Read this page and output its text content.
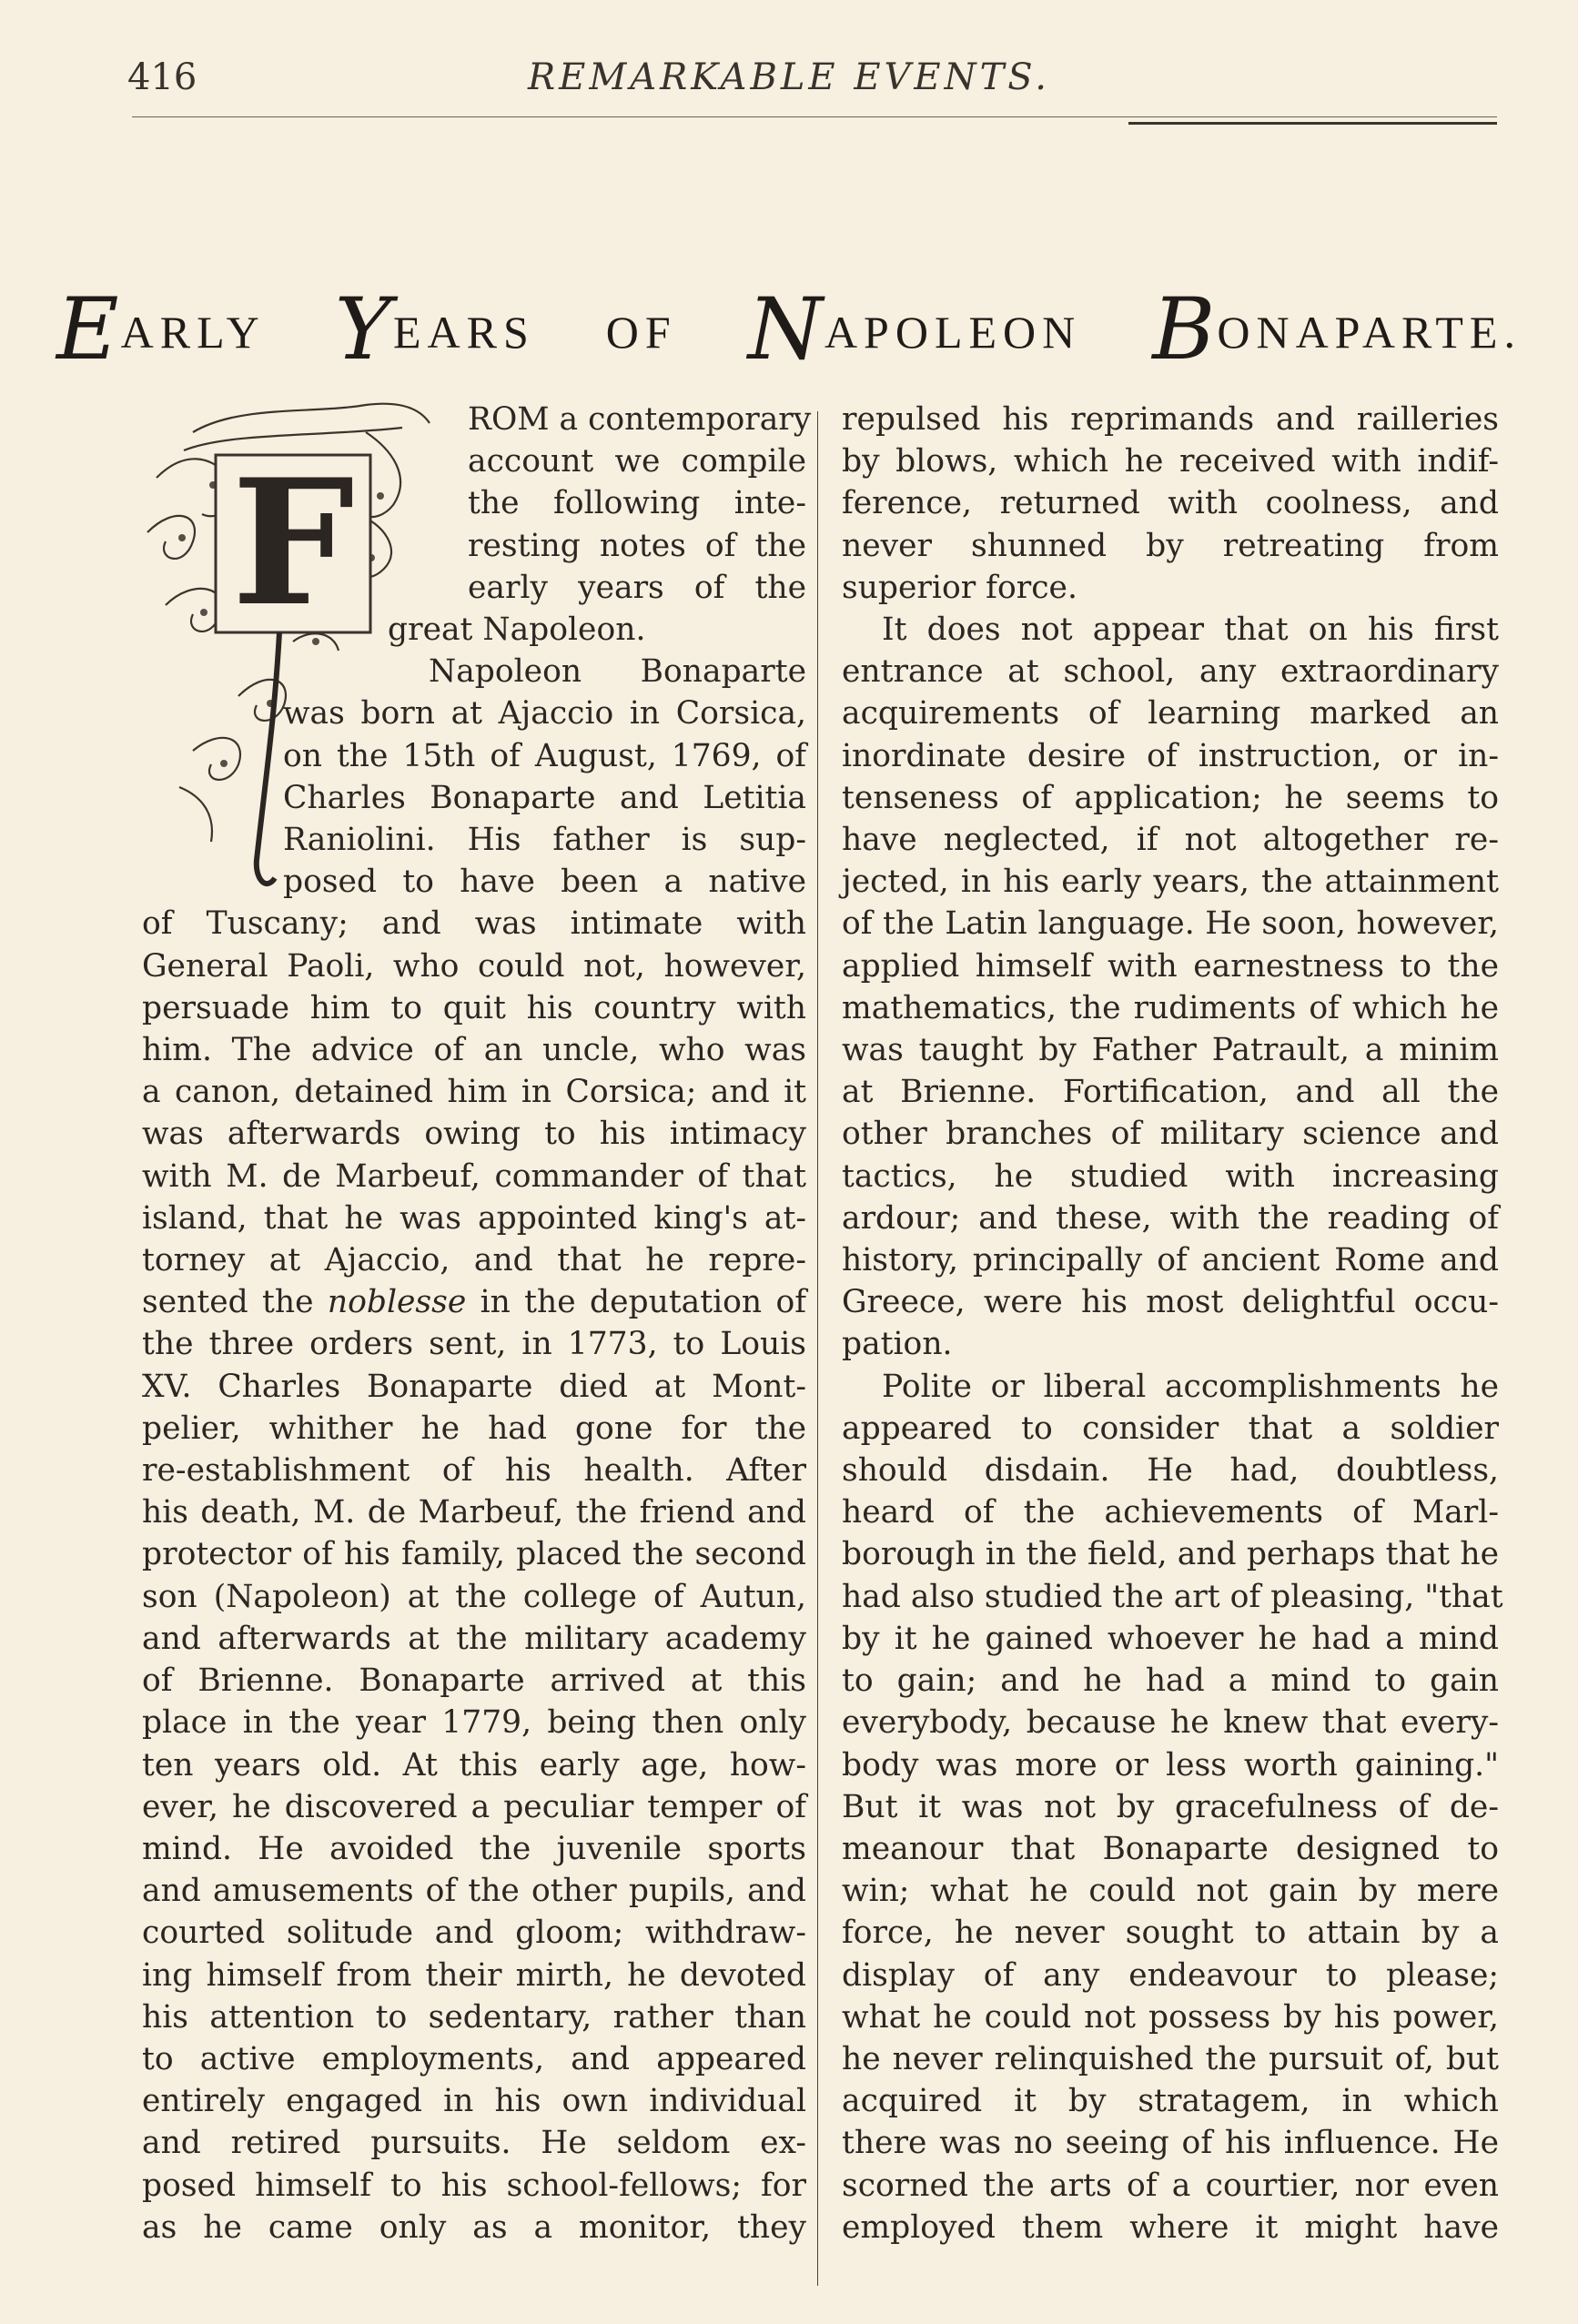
416	REMARKABLE EVENTS.
EARLY YEARS OF NAPOLEON BONAPARTE.
F
ROM a contemporary
account we compile
the following inte-
resting notes of the
early years of the
great Napoleon.
Napoleon Bonaparte
was born at Ajaccio in Corsica,
on the 15th of August, 1769, of
Charles Bonaparte and Letitia
Raniolini. His father is sup-
posed to have been a native
of Tuscany; and was intimate with
General Paoli, who could not, however,
persuade him to quit his country with
him. The advice of an uncle, who was
a canon, detained him in Corsica; and it
was afterwards owing to his intimacy
with M. de Marbeuf, commander of that
island, that he was appointed king's at-
torney at Ajaccio, and that he repre-
sented the noblesse in the deputation of
the three orders sent, in 1773, to Louis
XV. Charles Bonaparte died at Mont-
pelier, whither he had gone for the
re-establishment of his health. After
his death, M. de Marbeuf, the friend and
protector of his family, placed the second
son (Napoleon) at the college of Autun,
and afterwards at the military academy
of Brienne. Bonaparte arrived at this
place in the year 1779, being then only
ten years old. At this early age, how-
ever, he discovered a peculiar temper of
mind. He avoided the juvenile sports
and amusements of the other pupils, and
courted solitude and gloom; withdraw-
ing himself from their mirth, he devoted
his attention to sedentary, rather than
to active employments, and appeared
entirely engaged in his own individual
and retired pursuits. He seldom ex-
posed himself to his school-fellows; for
as he came only as a monitor, they
repulsed his reprimands and railleries
by blows, which he received with indif-
ference, returned with coolness, and
never shunned by retreating from
superior force.
It does not appear that on his first
entrance at school, any extraordinary
acquirements of learning marked an
inordinate desire of instruction, or in-
tenseness of application; he seems to
have neglected, if not altogether re-
jected, in his early years, the attainment
of the Latin language. He soon, however,
applied himself with earnestness to the
mathematics, the rudiments of which he
was taught by Father Patrault, a minim
at Brienne. Fortification, and all the
other branches of military science and
tactics, he studied with increasing
ardour; and these, with the reading of
history, principally of ancient Rome and
Greece, were his most delightful occu-
pation.
Polite or liberal accomplishments he
appeared to consider that a soldier
should disdain. He had, doubtless,
heard of the achievements of Marl-
borough in the field, and perhaps that he
had also studied the art of pleasing, "that
by it he gained whoever he had a mind
to gain; and he had a mind to gain
everybody, because he knew that every-
body was more or less worth gaining."
But it was not by gracefulness of de-
meanour that Bonaparte designed to
win; what he could not gain by mere
force, he never sought to attain by a
display of any endeavour to please;
what he could not possess by his power,
he never relinquished the pursuit of, but
acquired it by stratagem, in which
there was no seeing of his influence. He
scorned the arts of a courtier, nor even
employed them where it might have
